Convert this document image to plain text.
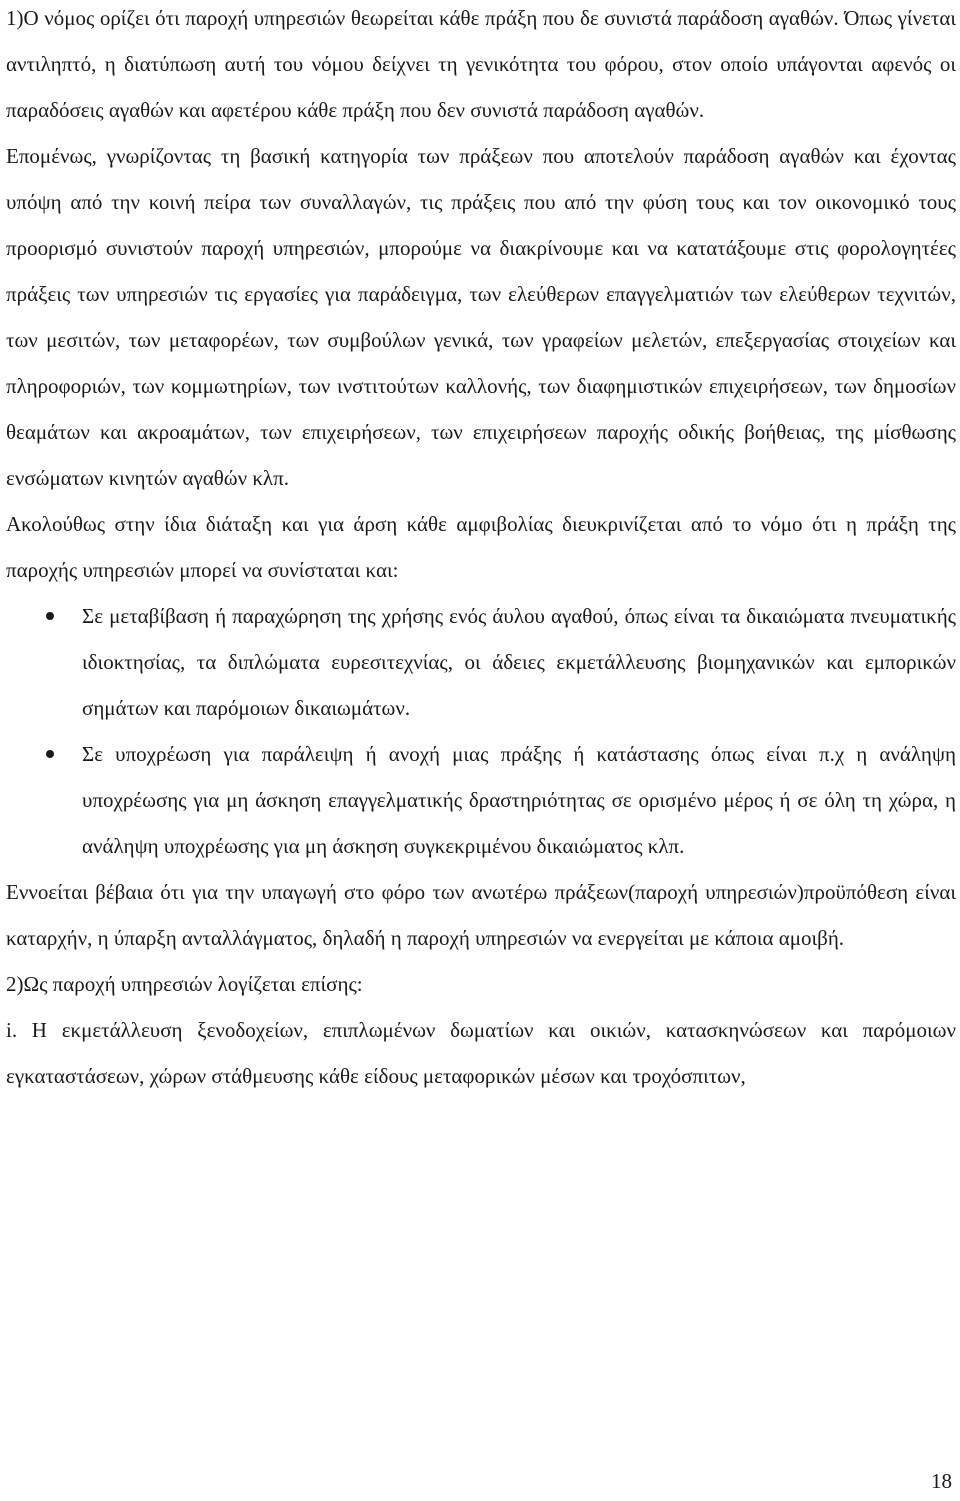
1)Ο νόμος ορίζει ότι παροχή υπηρεσιών θεωρείται κάθε πράξη που δε συνιστά παράδοση αγαθών. Όπως γίνεται αντιληπτό, η διατύπωση αυτή του νόμου δείχνει τη γενικότητα του φόρου, στον οποίο υπάγονται αφενός οι παραδόσεις αγαθών και αφετέρου κάθε πράξη που δεν συνιστά παράδοση αγαθών.

Επομένως, γνωρίζοντας τη βασική κατηγορία των πράξεων που αποτελούν παράδοση αγαθών και έχοντας υπόψη από την κοινή πείρα των συναλλαγών, τις πράξεις που από την φύση τους και τον οικονομικό τους προορισμό συνιστούν παροχή υπηρεσιών, μπορούμε να διακρίνουμε και να κατατάξουμε στις φορολογητέες πράξεις των υπηρεσιών τις εργασίες για παράδειγμα, των ελεύθερων επαγγελματιών των ελεύθερων τεχνιτών, των μεσιτών, των μεταφορέων, των συμβούλων γενικά, των γραφείων μελετών, επεξεργασίας στοιχείων και πληροφοριών, των κομμωτηρίων, των ινστιτούτων καλλονής, των διαφημιστικών επιχειρήσεων, των δημοσίων θεαμάτων και ακροαμάτων, των επιχειρήσεων, των επιχειρήσεων παροχής οδικής βοήθειας, της μίσθωσης ενσώματων κινητών αγαθών κλπ.

Ακολούθως στην ίδια διάταξη και για άρση κάθε αμφιβολίας διευκρινίζεται από το νόμο ότι η πράξη της παροχής υπηρεσιών μπορεί να συνίσταται και:

Σε μεταβίβαση ή παραχώρηση της χρήσης ενός άυλου αγαθού, όπως είναι τα δικαιώματα πνευματικής ιδιοκτησίας, τα διπλώματα ευρεσιτεχνίας, οι άδειες εκμετάλλευσης βιομηχανικών και εμπορικών σημάτων και παρόμοιων δικαιωμάτων.
Σε υποχρέωση για παράλειψη ή ανοχή μιας πράξης ή κατάστασης όπως είναι π.χ η ανάληψη υποχρέωσης για μη άσκηση επαγγελματικής δραστηριότητας σε ορισμένο μέρος ή σε όλη τη χώρα, η ανάληψη υποχρέωσης για μη άσκηση συγκεκριμένου δικαιώματος κλπ.

Εννοείται βέβαια ότι για την υπαγωγή στο φόρο των ανωτέρω πράξεων(παροχή υπηρεσιών)προϋπόθεση είναι καταρχήν, η ύπαρξη ανταλλάγματος, δηλαδή η παροχή υπηρεσιών να ενεργείται με κάποια αμοιβή.

2)Ως παροχή υπηρεσιών λογίζεται επίσης:

i. Η εκμετάλλευση ξενοδοχείων, επιπλωμένων δωματίων και οικιών, κατασκηνώσεων και παρόμοιων εγκαταστάσεων, χώρων στάθμευσης κάθε είδους μεταφορικών μέσων και τροχόσπιτων,

18
